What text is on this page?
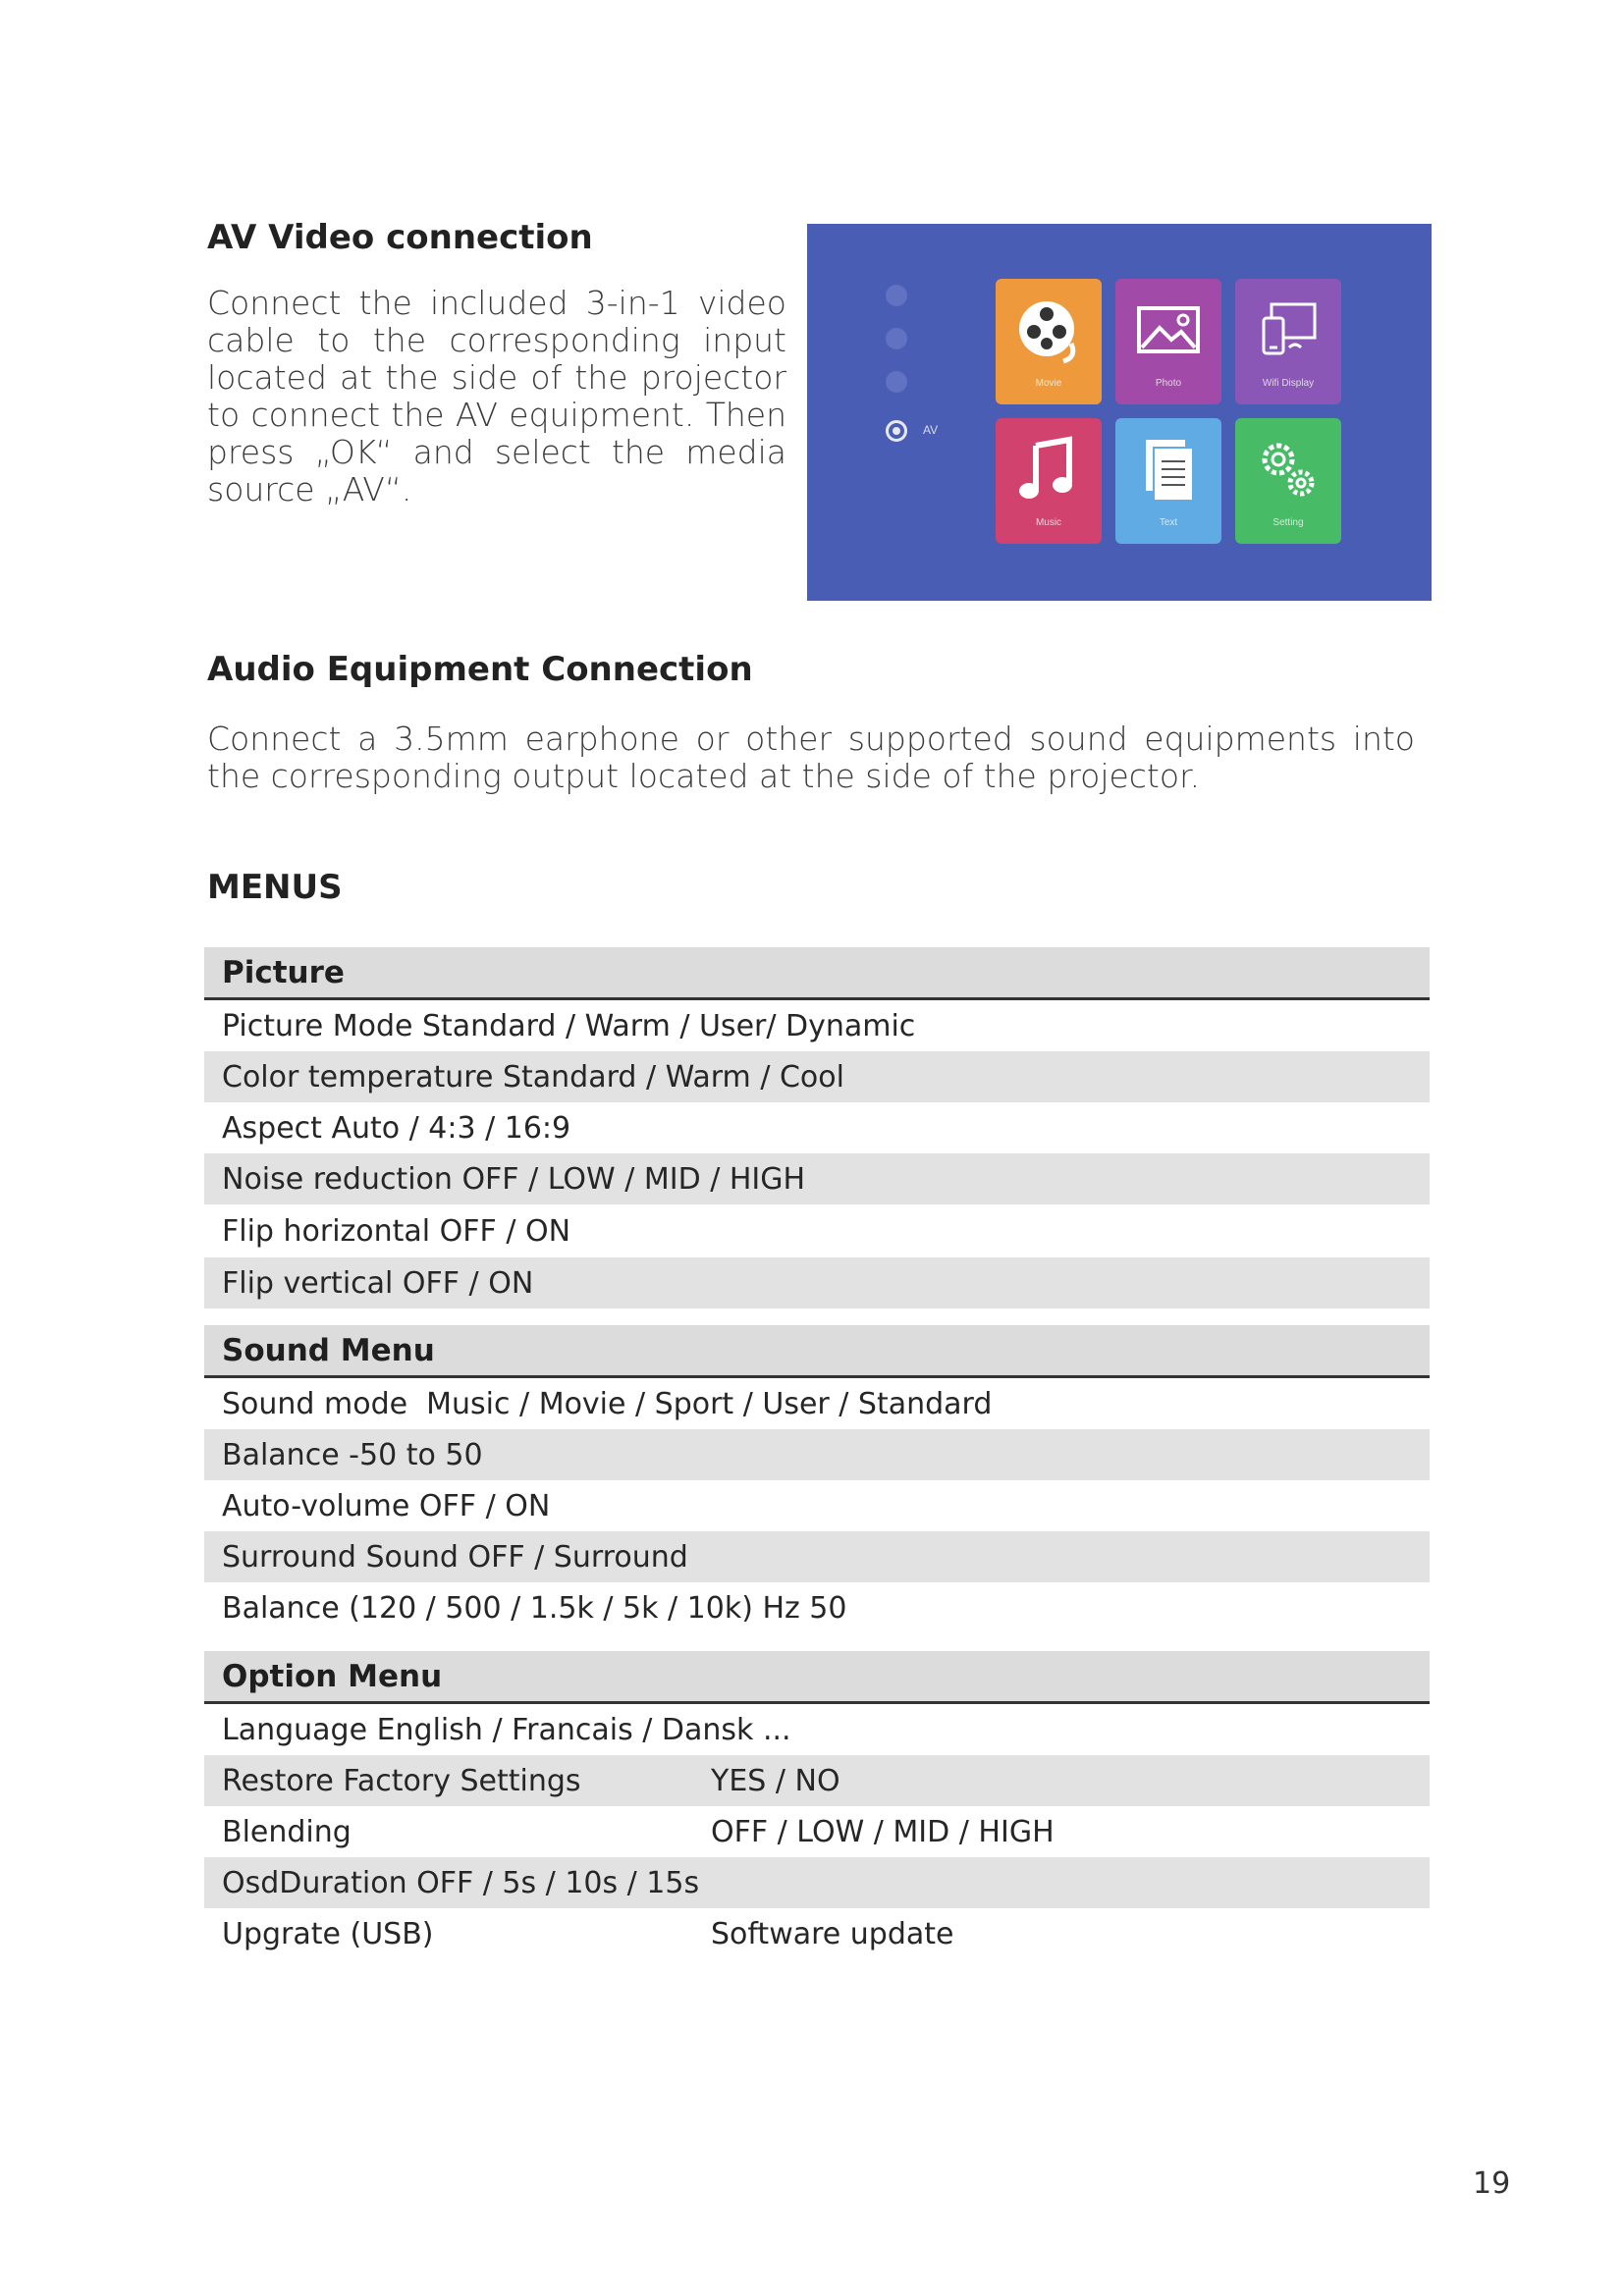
AV Video connection
Connect the included 3-in-1 video cable to the corresponding input located at the side of the projector to connect the AV equipment. Then press „OK“ and select the media source „AV“.
AV
Movie	Photo	Wifi Display
Music	Text	Setting
Audio Equipment Connection
Connect a 3.5mm earphone or other supported sound equipments into the corresponding output located at the side of the projector.
MENUS
Picture
Picture Mode Standard / Warm / User/ Dynamic
Color temperature Standard / Warm / Cool
Aspect Auto / 4:3 / 16:9
Noise reduction OFF / LOW / MID / HIGH
Flip horizontal OFF / ON
Flip vertical OFF / ON
Sound Menu
Sound mode  Music / Movie / Sport / User / Standard
Balance -50 to 50
Auto-volume OFF / ON
Surround Sound OFF / Surround
Balance (120 / 500 / 1.5k / 5k / 10k) Hz 50
Option Menu
Language English / Francais / Dansk ...
Restore Factory Settings	YES / NO
Blending	OFF / LOW / MID / HIGH
OsdDuration OFF / 5s / 10s / 15s
Upgrate (USB)	Software update
19
